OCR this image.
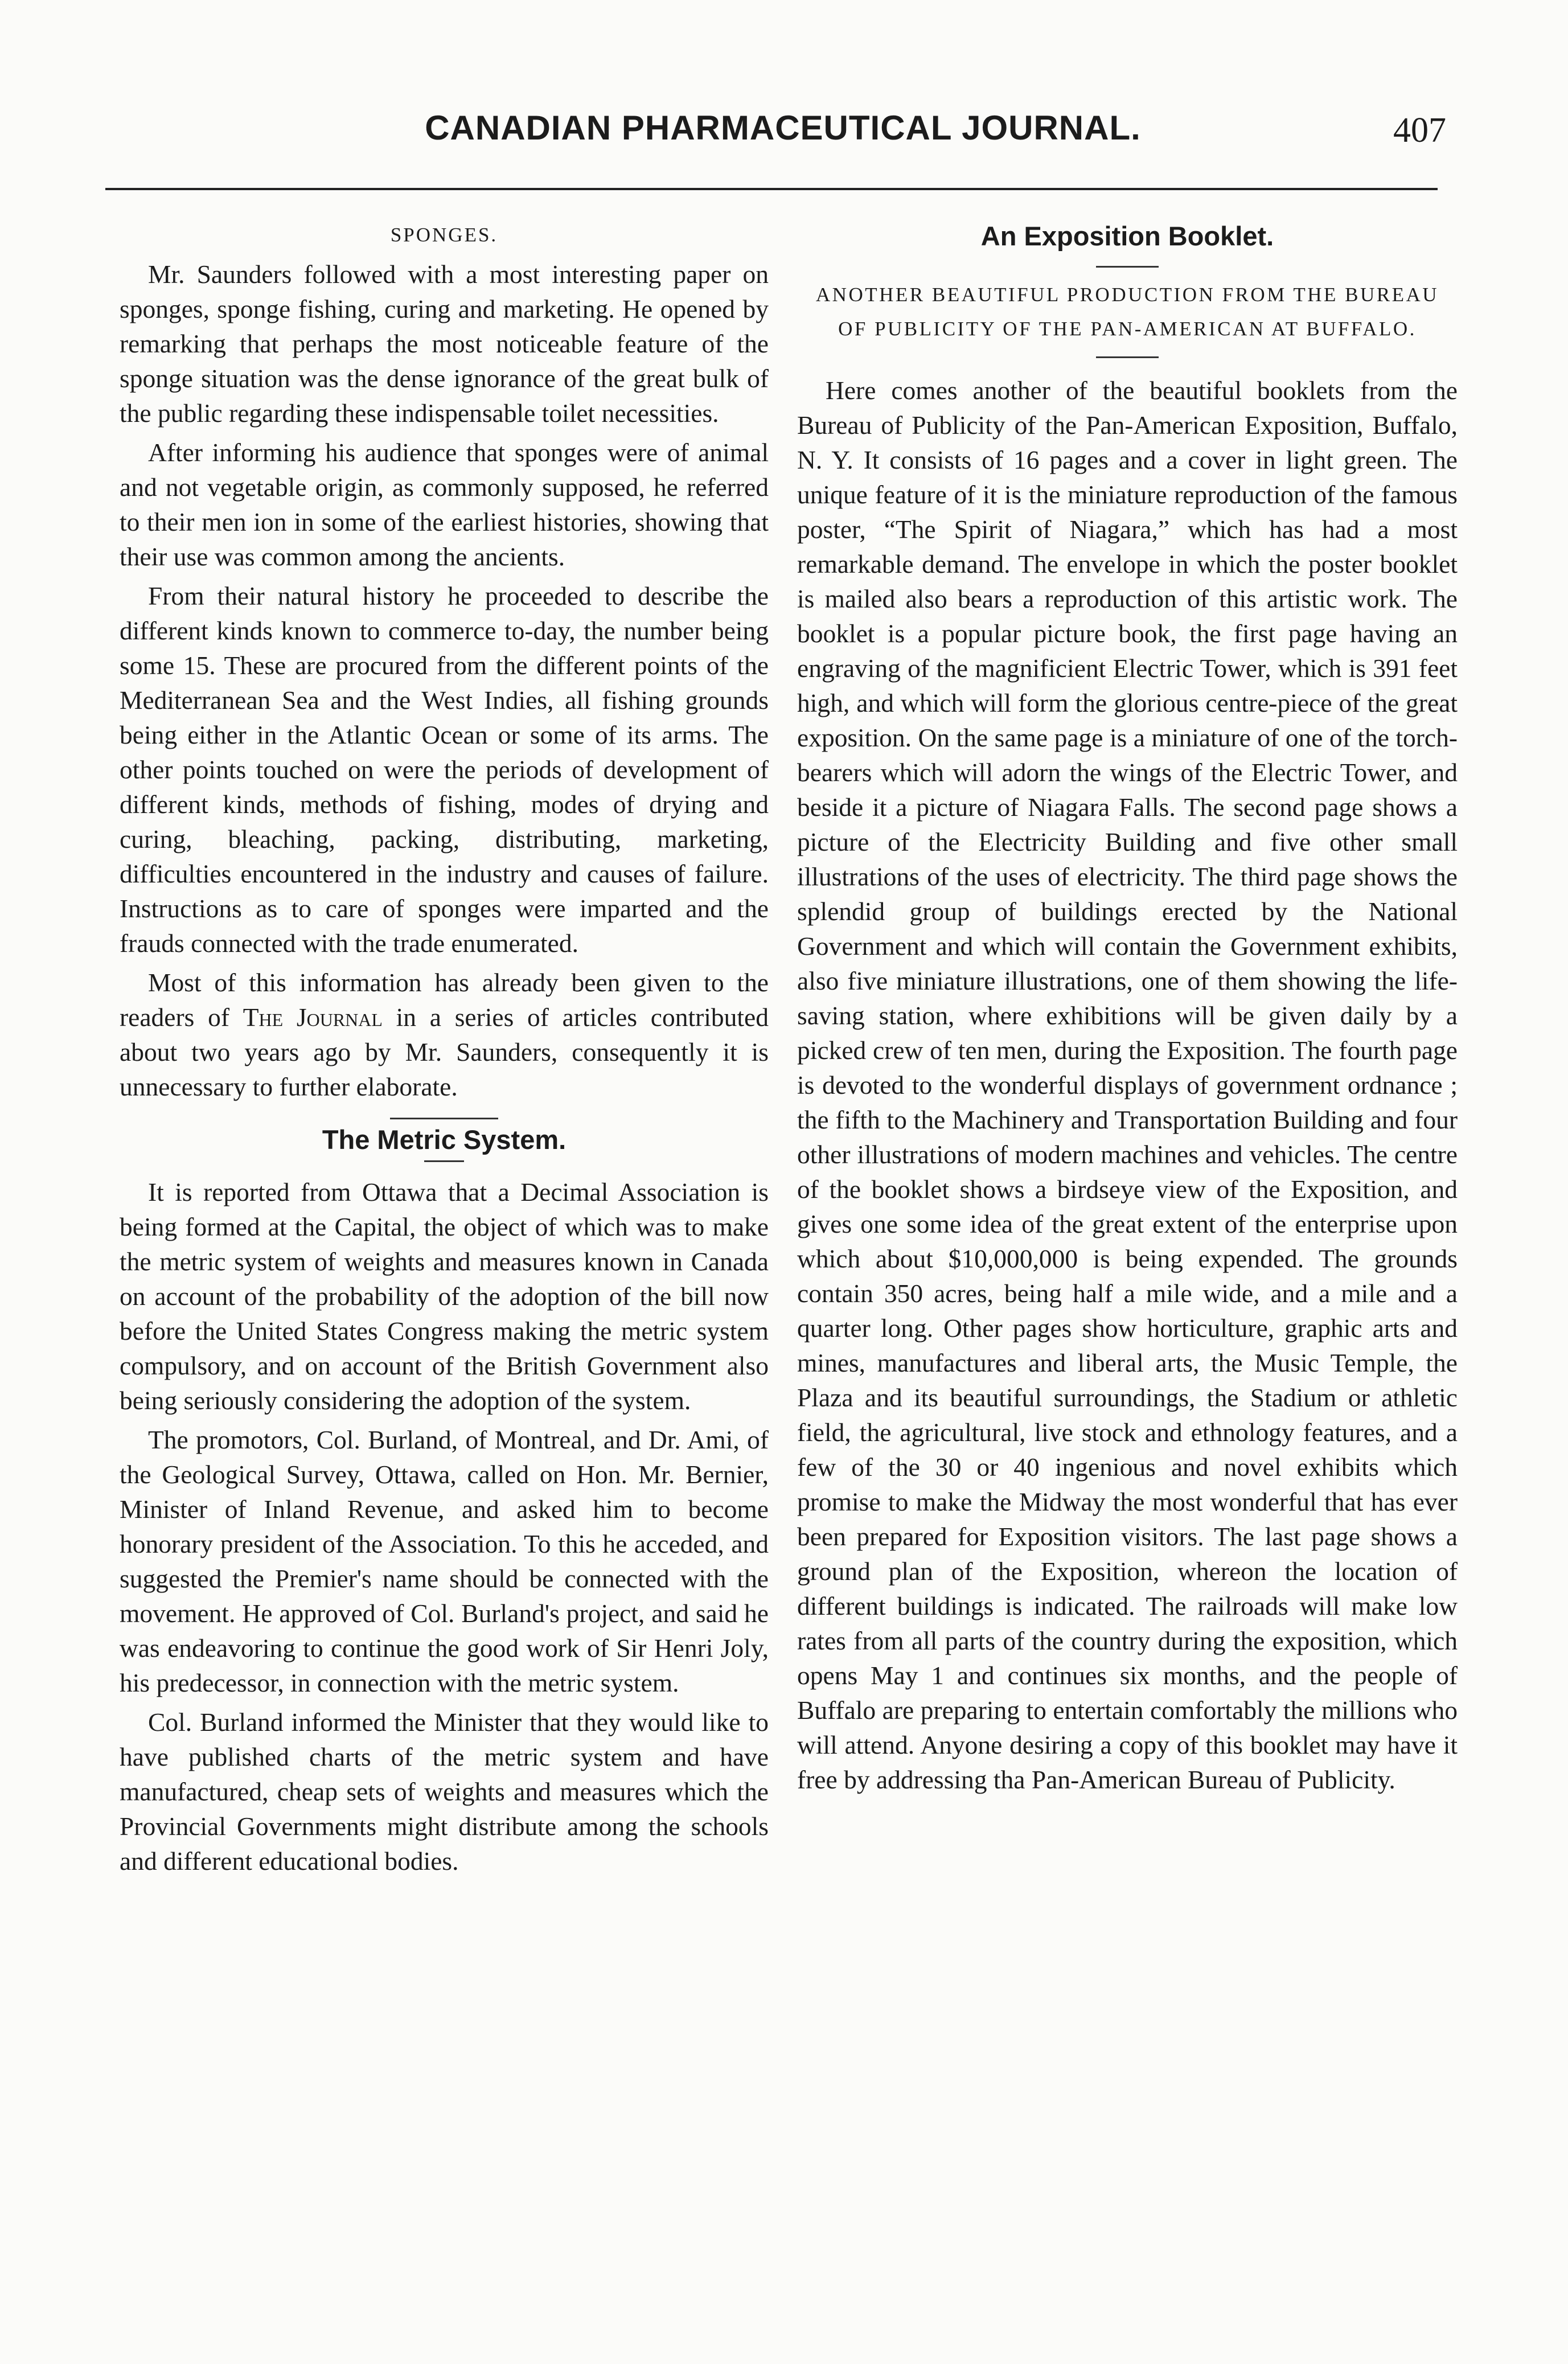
CANADIAN PHARMACEUTICAL JOURNAL.	407
SPONGES.

Mr. Saunders followed with a most interesting paper on sponges, sponge fishing, curing and marketing. He opened by remarking that perhaps the most noticeable feature of the sponge situation was the dense ignorance of the great bulk of the public regarding these indispensable toilet necessities.

After informing his audience that sponges were of animal and not vegetable origin, as commonly supposed, he referred to their men ion in some of the earliest histories, showing that their use was common among the ancients.

From their natural history he proceeded to describe the different kinds known to commerce to-day, the number being some 15. These are procured from the different points of the Mediterranean Sea and the West Indies, all fishing grounds being either in the Atlantic Ocean or some of its arms. The other points touched on were the periods of development of different kinds, methods of fishing, modes of drying and curing, bleaching, packing, distributing, marketing, difficulties encountered in the industry and causes of failure. Instructions as to care of sponges were imparted and the frauds connected with the trade enumerated.

Most of this information has already been given to the readers of The Journal in a series of articles contributed about two years ago by Mr. Saunders, consequently it is unnecessary to further elaborate.

The Metric System.

It is reported from Ottawa that a Decimal Association is being formed at the Capital, the object of which was to make the metric system of weights and measures known in Canada on account of the probability of the adoption of the bill now before the United States Congress making the metric system compulsory, and on account of the British Government also being seriously considering the adoption of the system.

The promotors, Col. Burland, of Montreal, and Dr. Ami, of the Geological Survey, Ottawa, called on Hon. Mr. Bernier, Minister of Inland Revenue, and asked him to become honorary president of the Association. To this he acceded, and suggested the Premier's name should be connected with the movement. He approved of Col. Burland's project, and said he was endeavoring to continue the good work of Sir Henri Joly, his predecessor, in connection with the metric system.

Col. Burland informed the Minister that they would like to have published charts of the metric system and have manufactured, cheap sets of weights and measures which the Provincial Governments might distribute among the schools and different educational bodies.

An Exposition Booklet.
ANOTHER BEAUTIFUL PRODUCTION FROM THE BUREAU OF PUBLICITY OF THE PAN-AMERICAN AT BUFFALO.

Here comes another of the beautiful booklets from the Bureau of Publicity of the Pan-American Exposition, Buffalo, N. Y. It consists of 16 pages and a cover in light green. The unique feature of it is the miniature reproduction of the famous poster, “The Spirit of Niagara,” which has had a most remarkable demand. The envelope in which the poster booklet is mailed also bears a reproduction of this artistic work. The booklet is a popular picture book, the first page having an engraving of the magnificient Electric Tower, which is 391 feet high, and which will form the glorious centre-piece of the great exposition. On the same page is a miniature of one of the torch-bearers which will adorn the wings of the Electric Tower, and beside it a picture of Niagara Falls. The second page shows a picture of the Electricity Building and five other small illustrations of the uses of electricity. The third page shows the splendid group of buildings erected by the National Government and which will contain the Government exhibits, also five miniature illustrations, one of them showing the life-saving station, where exhibitions will be given daily by a picked crew of ten men, during the Exposition. The fourth page is devoted to the wonderful displays of government ordnance ; the fifth to the Machinery and Transportation Building and four other illustrations of modern machines and vehicles. The centre of the booklet shows a birdseye view of the Exposition, and gives one some idea of the great extent of the enterprise upon which about $10,000,000 is being expended. The grounds contain 350 acres, being half a mile wide, and a mile and a quarter long. Other pages show horticulture, graphic arts and mines, manufactures and liberal arts, the Music Temple, the Plaza and its beautiful surroundings, the Stadium or athletic field, the agricultural, live stock and ethnology features, and a few of the 30 or 40 ingenious and novel exhibits which promise to make the Midway the most wonderful that has ever been prepared for Exposition visitors. The last page shows a ground plan of the Exposition, whereon the location of different buildings is indicated. The railroads will make low rates from all parts of the country during the exposition, which opens May 1 and continues six months, and the people of Buffalo are preparing to entertain comfortably the millions who will attend. Anyone desiring a copy of this booklet may have it free by addressing tha Pan-American Bureau of Publicity.
